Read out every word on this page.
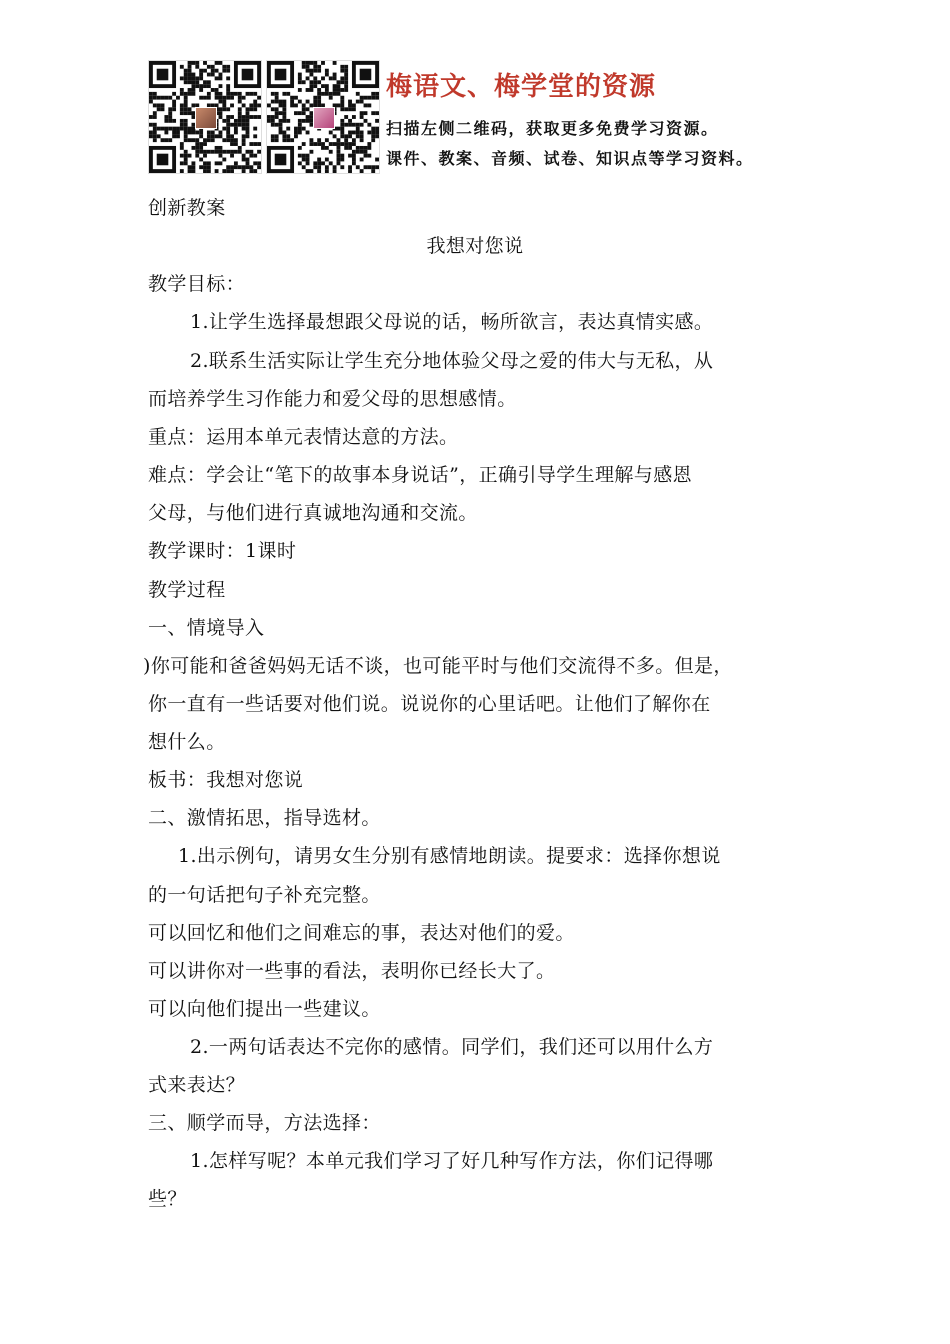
梅语文、梅学堂的资源
扫描左侧二维码，获取更多免费学习资源。
课件、教案、音频、试卷、知识点等学习资料。
创新教案
我想对您说
教学目标：
1.让学生选择最想跟父母说的话，畅所欲言，表达真情实感。
2.联系生活实际让学生充分地体验父母之爱的伟大与无私，从
而培养学生习作能力和爱父母的思想感情。
重点：运用本单元表情达意的方法。
难点：学会让“笔下的故事本身说话”，正确引导学生理解与感恩
父母，与他们进行真诚地沟通和交流。
教学课时：1课时
教学过程
一、情境导入
)你可能和爸爸妈妈无话不谈，也可能平时与他们交流得不多。但是，
你一直有一些话要对他们说。说说你的心里话吧。让他们了解你在
想什么。
板书：我想对您说
二、激情拓思，指导选材。
1.出示例句，请男女生分别有感情地朗读。提要求：选择你想说
的一句话把句子补充完整。
可以回忆和他们之间难忘的事，表达对他们的爱。
可以讲你对一些事的看法，表明你已经长大了。
可以向他们提出一些建议。
2.一两句话表达不完你的感情。同学们，我们还可以用什么方
式来表达？
三、顺学而导，方法选择：
1.怎样写呢？本单元我们学习了好几种写作方法，你们记得哪
些？
